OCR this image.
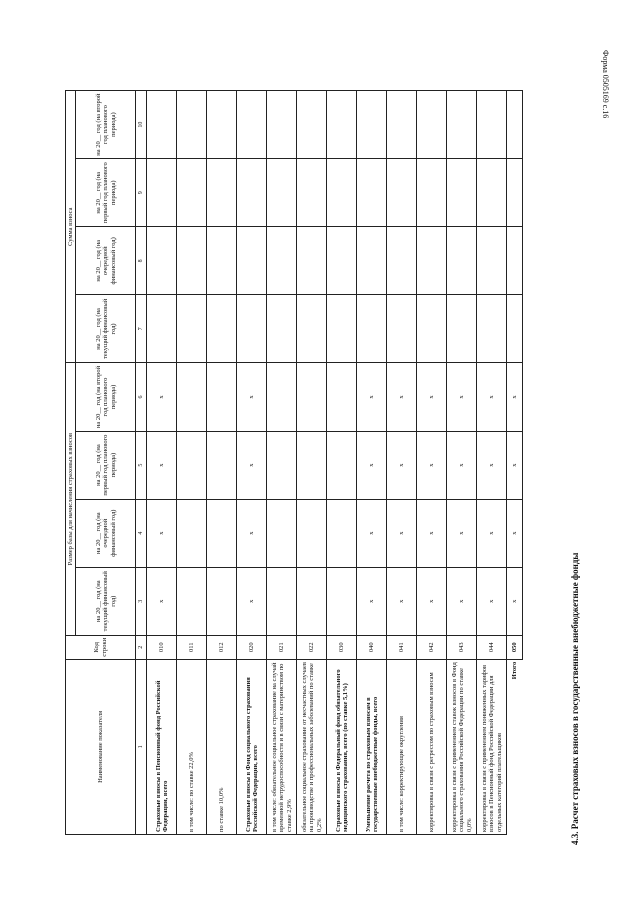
Форма 0505169 с.16
4.3. Расчет страховых взносов в государственные внебюджетные фонды
Наименование показателя	Код строки	Размер базы для начисления страховых взносов				Сумма взноса			
		на 20__ год (на текущий финансовый год)	на 20__ год (на очередной финансовый год)	на 20__ год (на первый год планового периода)	на 20__ год (на второй год планового периода)	на 20__ год (на текущий финансовый год)	на 20__ год (на очередной финансовый год)	на 20__ год (на первый год планового периода)	на 20__ год (на второй год планового периода)
1	2	3	4	5	6	7	8	9	10
Страховые взносы в Пенсионный фонд Российской Федерации, всего	010	x	x	x	x				
в том числе: по ставке 22,0%	011								
по ставке 10,0%	012								
Страховые взносы в Фонд социального страхования Российской Федерации, всего	020	x	x	x	x				
в том числе: обязательное социальное страхование на случай временной нетрудоспособности и в связи с материнством по ставке 2,9%	021								
обязательное социальное страхование от несчастных случаев на производстве и профессиональных заболеваний по ставке 0,2%	022								
Страховые взносы в Федеральный фонд обязательного медицинского страхования, всего (по ставке 5,1%)	030								
Уменьшение расчета по страховым взносам в государственные внебюджетные фонды, всего	040	x	x	x	x				
в том числе: корректирующие округления	041	x	x	x	x				
корректировка в связи с регрессом по страховым взносам	042	x	x	x	x				
корректировка в связи с применением ставок взносов в Фонд социального страхования Российской Федерации по ставке 0,0%	043	x	x	x	x				
корректировка в связи с применением пониженных тарифов взносов в Пенсионный фонд Российской Федерации для отдельных категорий плательщиков	044	x	x	x	x				
Итого	050	x	x	x	x				
